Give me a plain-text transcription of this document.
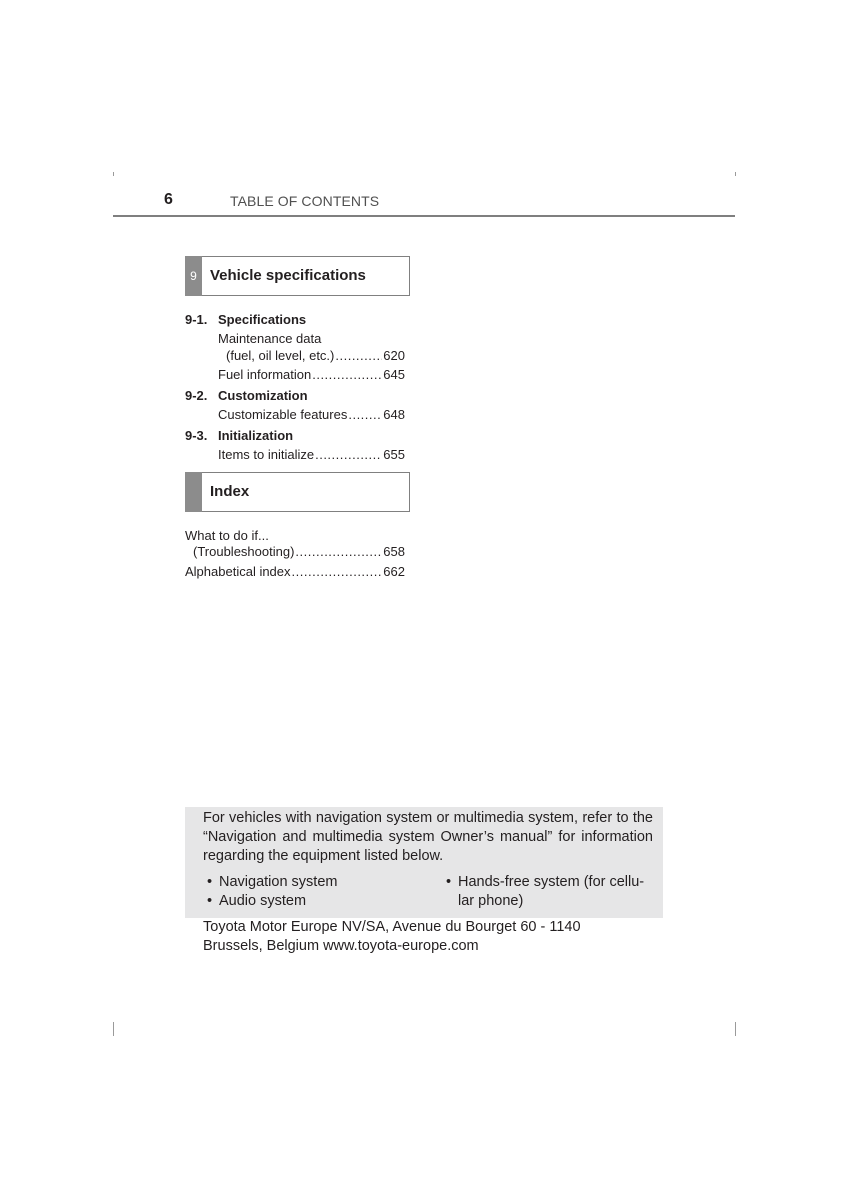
6	TABLE OF CONTENTS
9 Vehicle specifications
9-1. Specifications
Maintenance data
(fuel, oil level, etc.) .....	620
Fuel information .....	645
9-2. Customization
Customizable features .....	648
9-3. Initialization
Items to initialize .....	655
Index
What to do if...
(Troubleshooting) .....	658
Alphabetical index .....	662
For vehicles with navigation system or multimedia system, refer to the “Navigation and multimedia system Owner’s manual” for information regarding the equipment listed below.
• Navigation system
• Audio system
• Hands-free system (for cellu-
lar phone)
Toyota Motor Europe NV/SA, Avenue du Bourget 60 - 1140
Brussels, Belgium www.toyota-europe.com
